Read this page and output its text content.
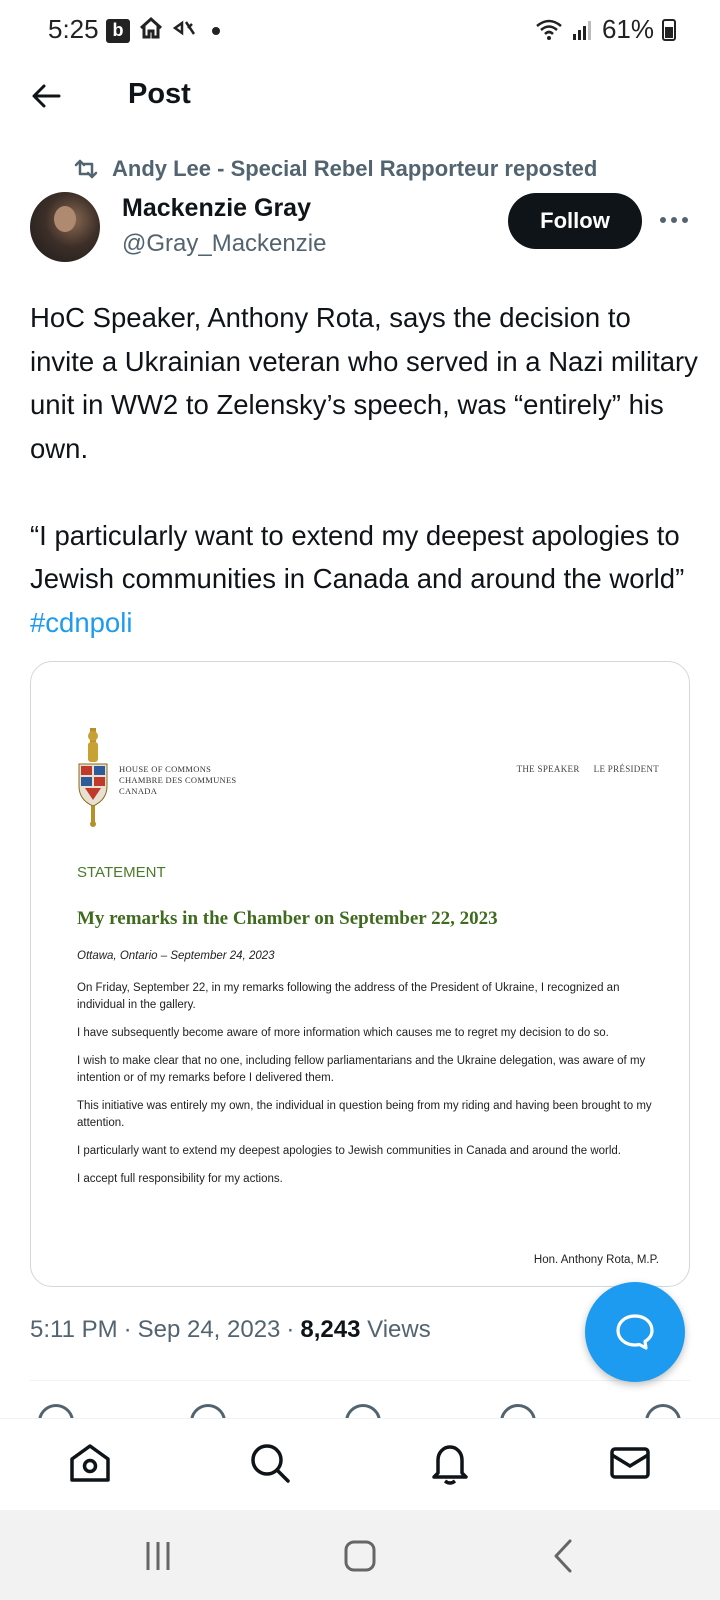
5:25 b	61%
Post
Andy Lee - Special Rebel Rapporteur reposted
Mackenzie Gray
@Gray_Mackenzie
Follow

HoC Speaker, Anthony Rota, says the decision to invite a Ukrainian veteran who served in a Nazi military unit in WW2 to Zelensky’s speech, was “entirely” his own.

“I particularly want to extend my deepest apologies to Jewish communities in Canada and around the world” #cdnpoli
HOUSE OF COMMONS
CHAMBRE DES COMMUNES
CANADA
THE SPEAKER LE PRÉSIDENT
STATEMENT
My remarks in the Chamber on September 22, 2023
Ottawa, Ontario – September 24, 2023

On Friday, September 22, in my remarks following the address of the President of Ukraine, I recognized an individual in the gallery.

I have subsequently become aware of more information which causes me to regret my decision to do so.

I wish to make clear that no one, including fellow parliamentarians and the Ukraine delegation, was aware of my intention or of my remarks before I delivered them.

This initiative was entirely my own, the individual in question being from my riding and having been brought to my attention.

I particularly want to extend my deepest apologies to Jewish communities in Canada and around the world.

I accept full responsibility for my actions.

Hon. Anthony Rota, M.P.
5:11 PM · Sep 24, 2023 · 8,243 Views
